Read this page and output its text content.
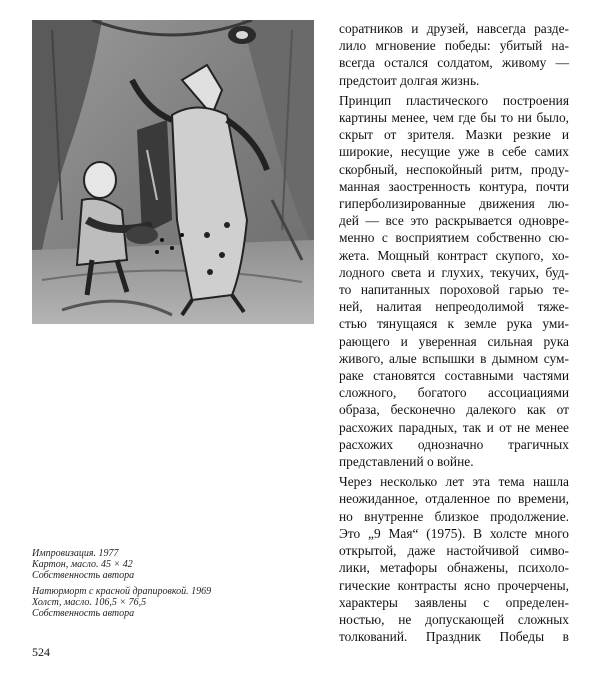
Импровизация. 1977
Картон, масло. 45 × 42
Собственность автора
Натюрморт с красной драпировкой. 1969
Холст, масло. 106,5 × 76,5
Собственность автора
524

соратников и друзей, навсегда разде-
лило мгновение победы: убитый на-
всегда остался солдатом, живому —
предстоит долгая жизнь.

Принцип пластического построения
картины менее, чем где бы то ни было,
скрыт от зрителя. Мазки резкие и
широкие, несущие уже в себе самих
скорбный, неспокойный ритм, проду-
манная заостренность контура, почти
гиперболизированные движения лю-
дей — все это раскрывается одновре-
менно с восприятием собственно сю-
жета. Мощный контраст скупого, хо-
лодного света и глухих, текучих, буд-
то напитанных пороховой гарью те-
ней, налитая непреодолимой тяже-
стью тянущаяся к земле рука уми-
рающего и уверенная сильная рука
живого, алые вспышки в дымном сум-
раке становятся составными частями
сложного, богатого ассоциациями
образа, бесконечно далекого как от
расхожих парадных, так и от не менее
расхожих однозначно трагичных
представлений о войне.

Через несколько лет эта тема нашла
неожиданное, отдаленное по времени,
но внутренне близкое продолжение.
Это „9 Мая“ (1975). В холсте много
открытой, даже настойчивой симво-
лики, метафоры обнажены, психоло-
гические контрасты ясно прочерчены,
характеры заявлены с определен-
ностью, не допускающей сложных
толкований. Праздник Победы в
